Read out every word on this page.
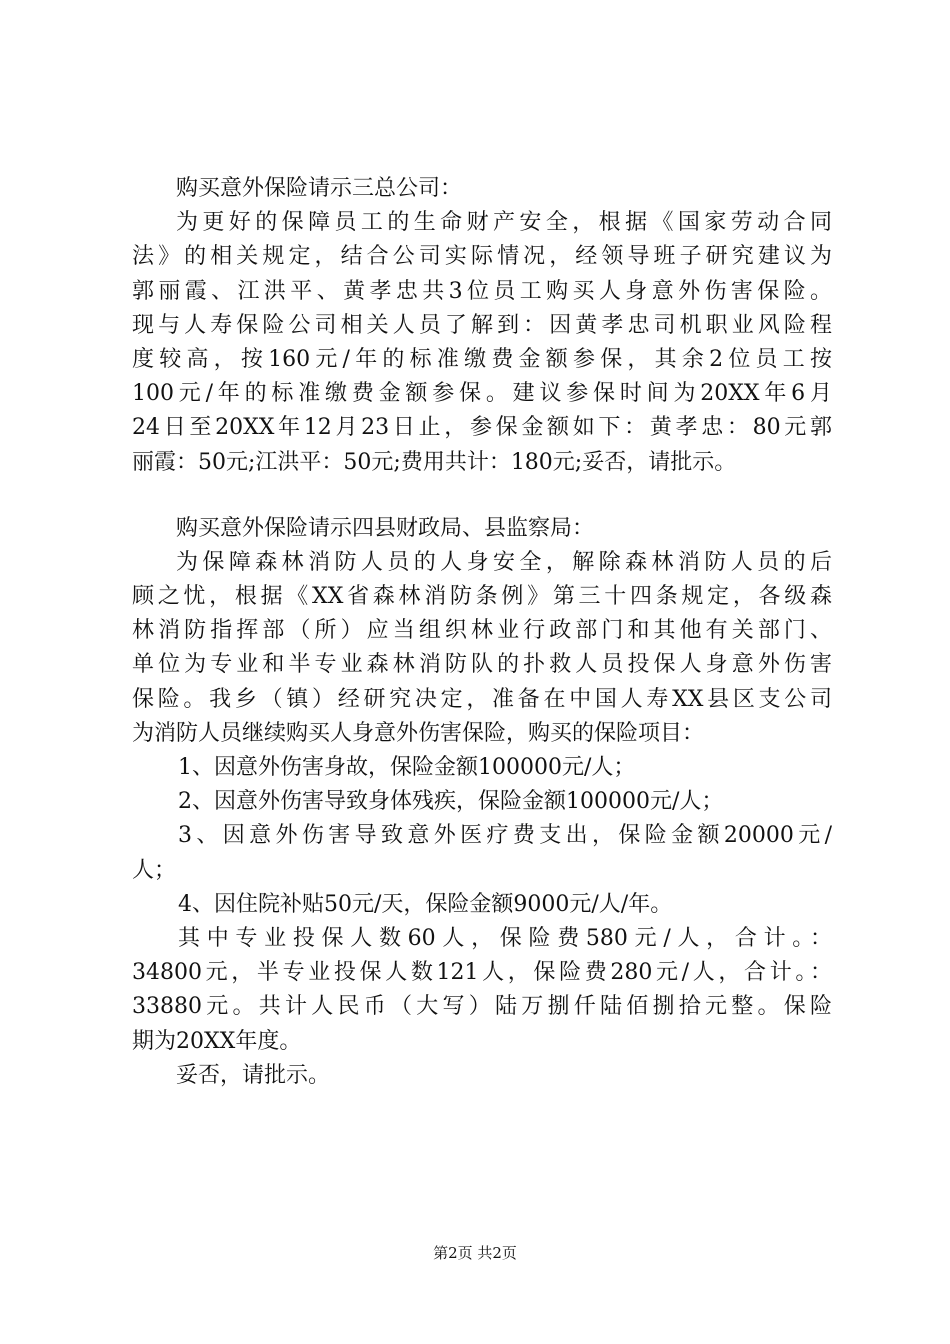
购买意外保险请示三总公司：
为更好的保障员工的生命财产安全，根据《国家劳动合同
法》的相关规定，结合公司实际情况，经领导班子研究建议为
郭丽霞、江洪平、黄孝忠共3位员工购买人身意外伤害保险。
现与人寿保险公司相关人员了解到：因黄孝忠司机职业风险程
度较高，按160元/年的标准缴费金额参保，其余2位员工按
100元/年的标准缴费金额参保。建议参保时间为20XX年6月
24日至20XX年12月23日止，参保金额如下：黄孝忠：80元郭
丽霞：50元;江洪平：50元;费用共计：180元;妥否，请批示。
购买意外保险请示四县财政局、县监察局：
为保障森林消防人员的人身安全，解除森林消防人员的后
顾之忧，根据《XX省森林消防条例》第三十四条规定，各级森
林消防指挥部（所）应当组织林业行政部门和其他有关部门、
单位为专业和半专业森林消防队的扑救人员投保人身意外伤害
保险。我乡（镇）经研究决定，准备在中国人寿XX县区支公司
为消防人员继续购买人身意外伤害保险，购买的保险项目：
1、因意外伤害身故，保险金额100000元/人；
2、因意外伤害导致身体残疾，保险金额100000元/人；
3、因意外伤害导致意外医疗费支出，保险金额20000元/
人；
4、因住院补贴50元/天，保险金额9000元/人/年。
其中专业投保人数60人，保险费580元/人，合计。：
34800元，半专业投保人数121人，保险费280元/人，合计。：
33880元。共计人民币（大写）陆万捌仟陆佰捌拾元整。保险
期为20XX年度。
妥否，请批示。
第2页 共2页
